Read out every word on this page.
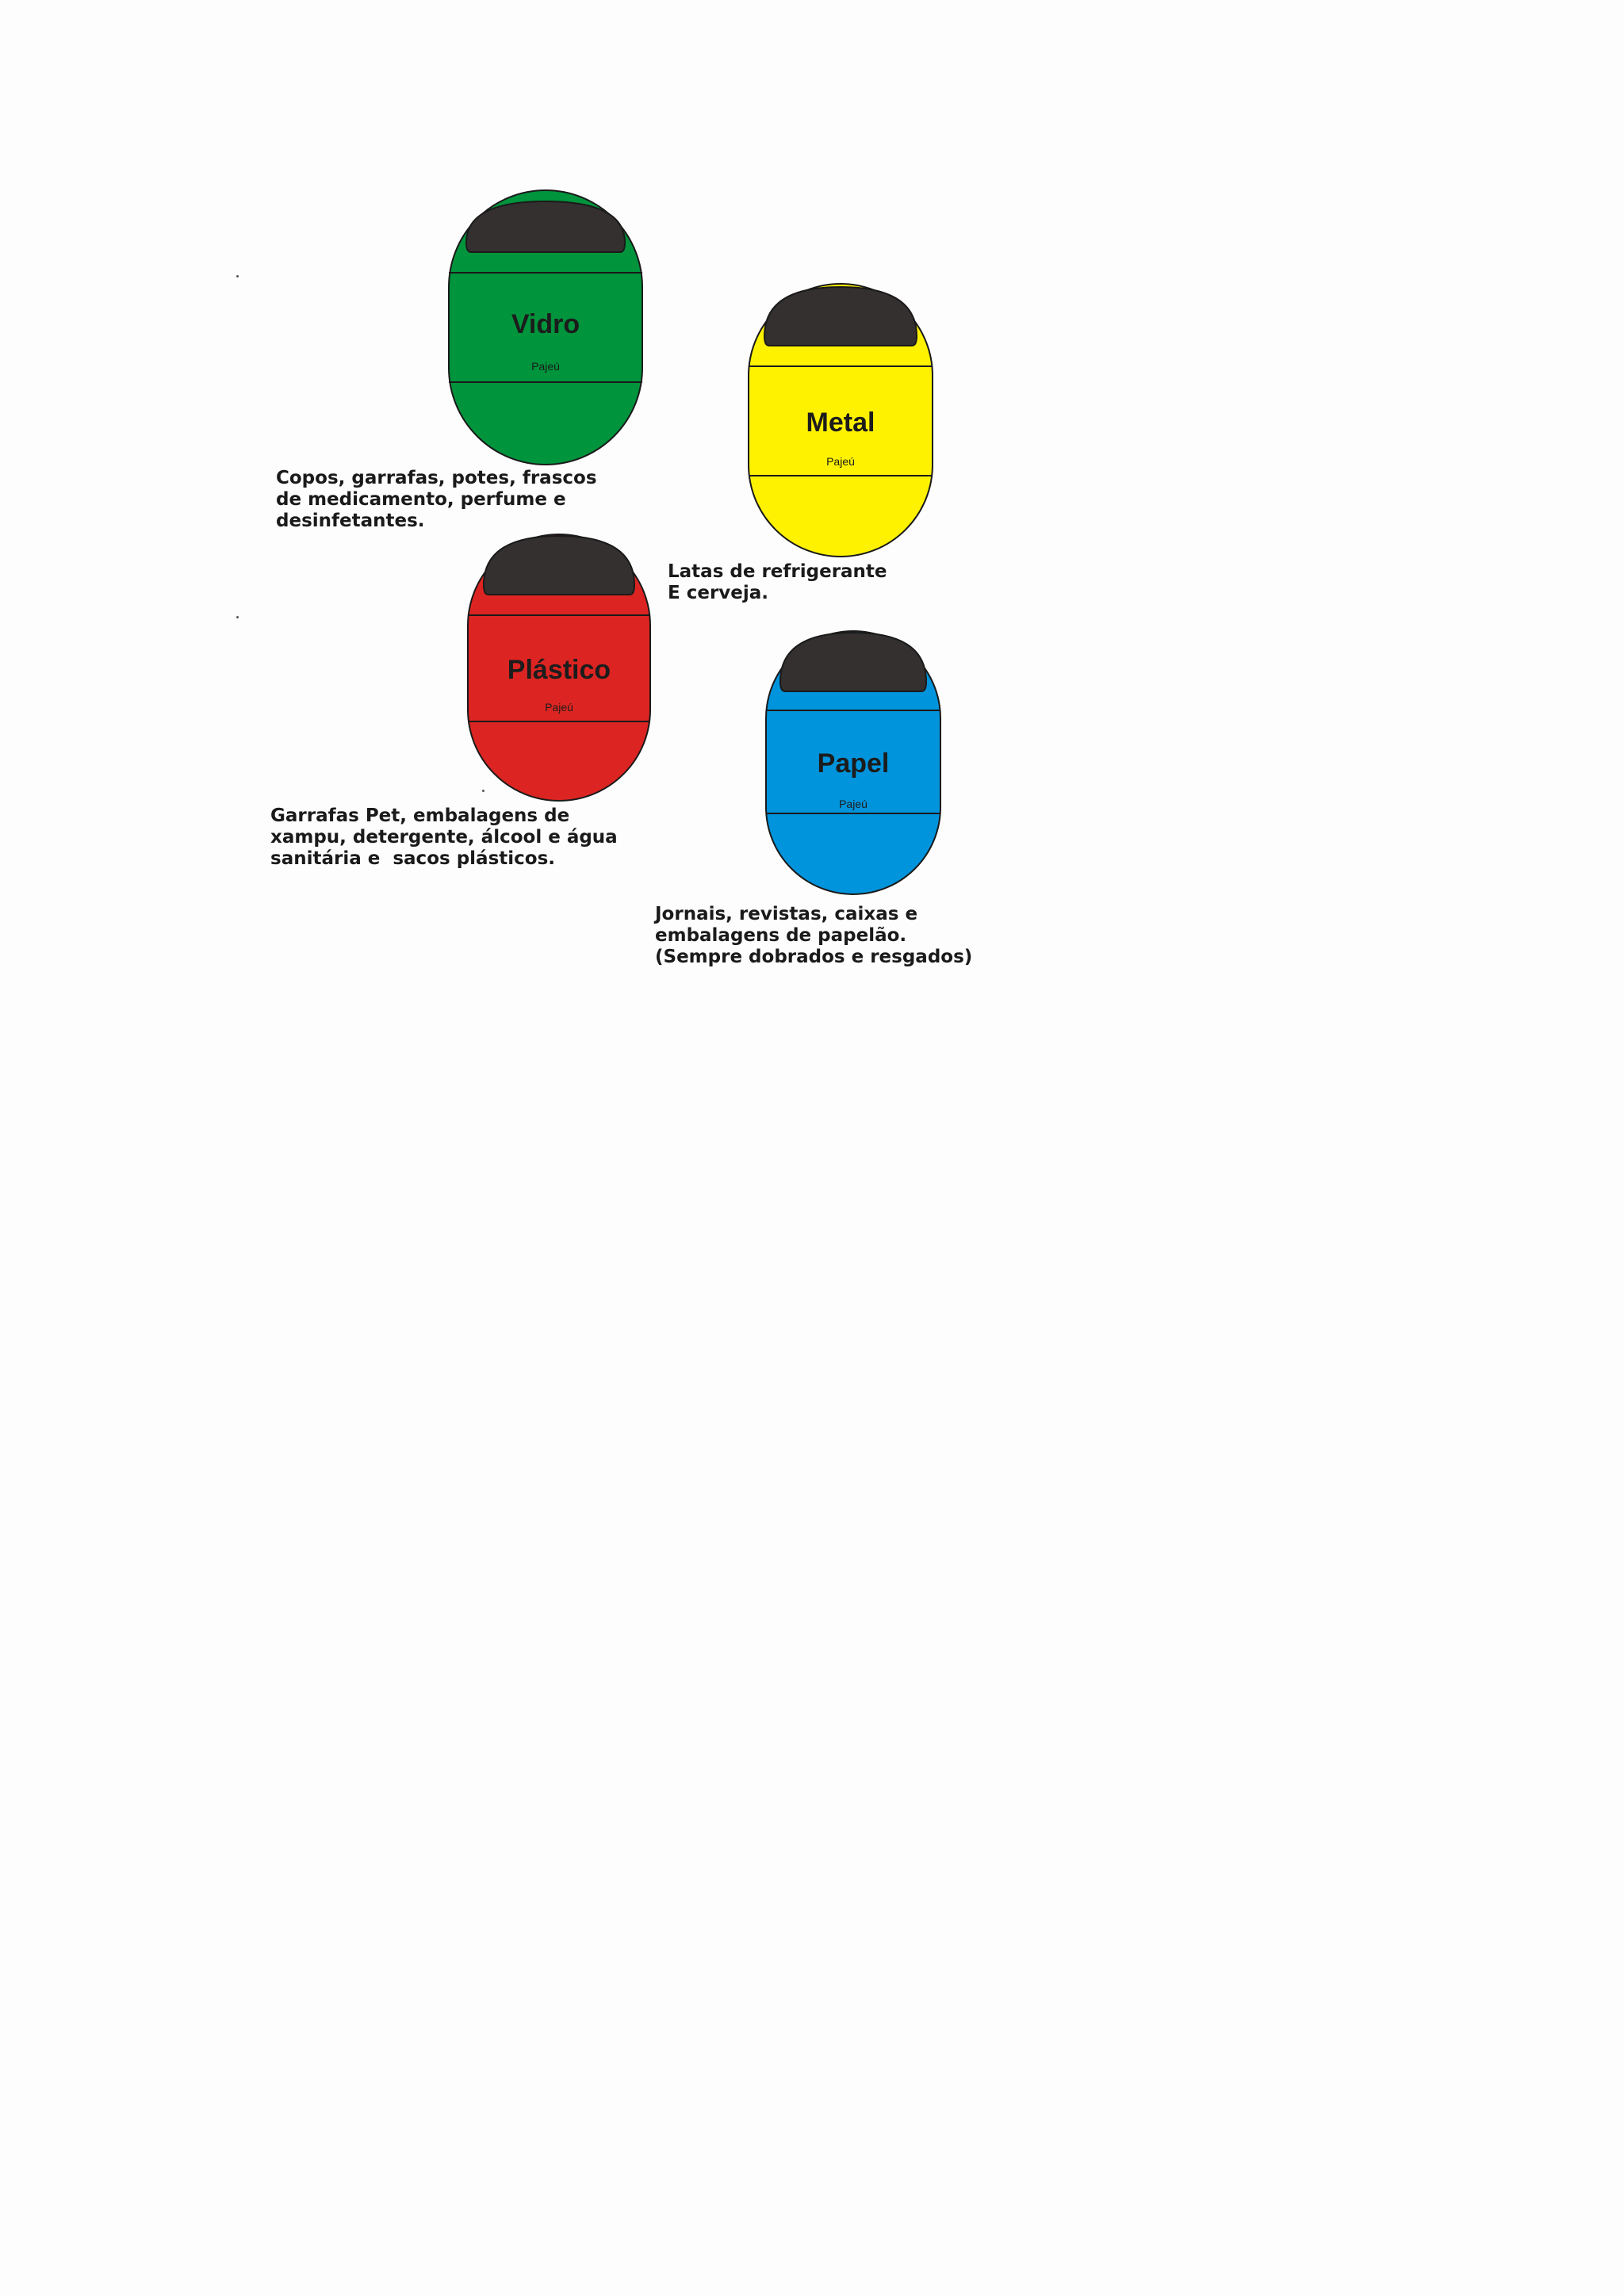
Vidro
Pajeú

Copos, garrafas, potes, frascos
de medicamento, perfume e
desinfetantes.

Metal
Pajeú

Latas de refrigerante
E cerveja.

Plástico
Pajeú

Garrafas Pet, embalagens de
xampu, detergente, álcool e água
sanitária e  sacos plásticos.

Papel
Pajeú

Jornais, revistas, caixas e
embalagens de papelão.
(Sempre dobrados e resgados)
